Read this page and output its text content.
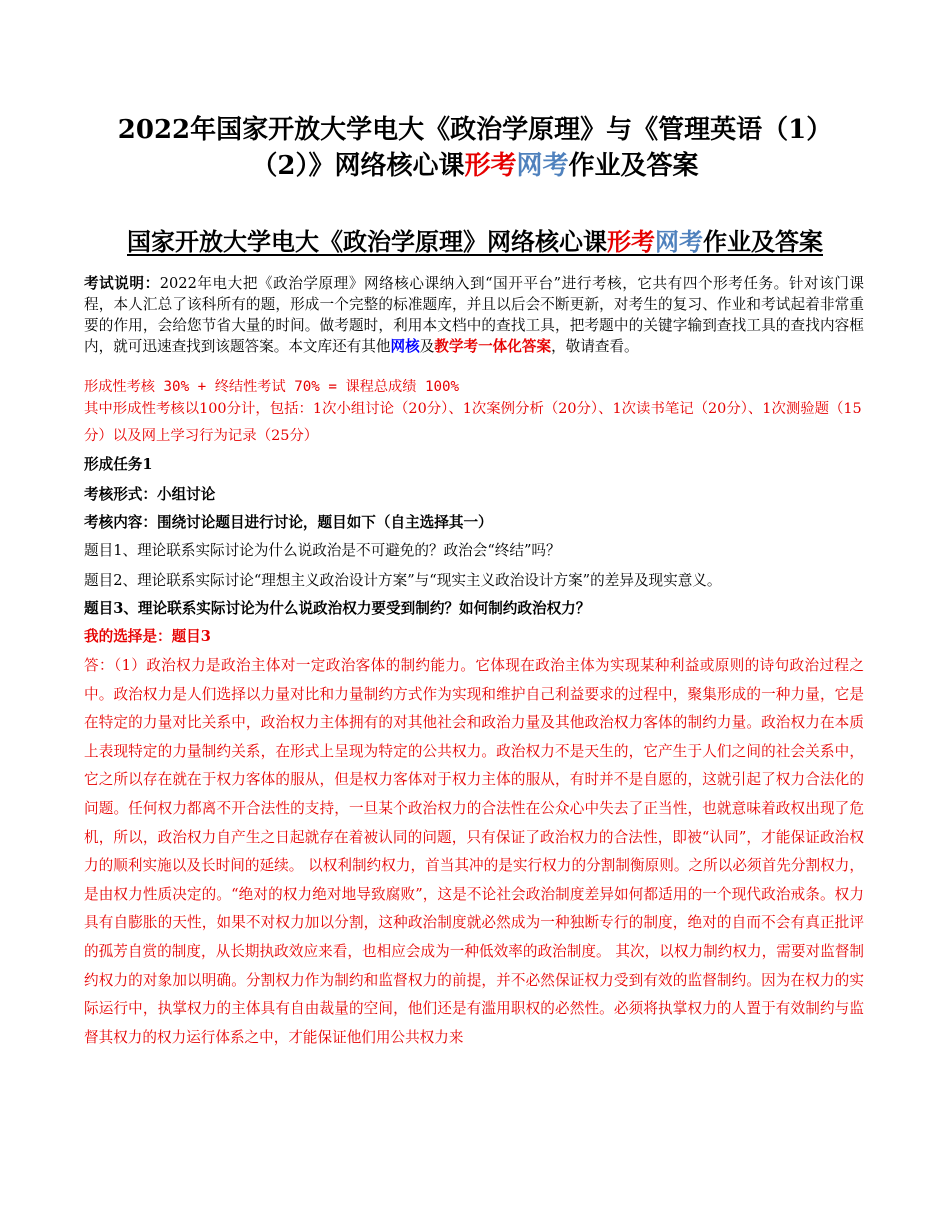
2022年国家开放大学电大《政治学原理》与《管理英语（1）
（2）》网络核心课形考网考作业及答案
国家开放大学电大《政治学原理》网络核心课形考网考作业及答案
考试说明：2022年电大把《政治学原理》网络核心课纳入到“国开平台”进行考核，它共有四个形考任务。针对该门课程，本人汇总了该科所有的题，形成一个完整的标准题库，并且以后会不断更新，对考生的复习、作业和考试起着非常重要的作用，会给您节省大量的时间。做考题时，利用本文档中的查找工具，把考题中的关键字输到查找工具的查找内容框内，就可迅速查找到该题答案。本文库还有其他网核及教学考一体化答案，敬请查看。
形成性考核 30% + 终结性考试 70% = 课程总成绩 100%
其中形成性考核以100分计，包括：1次小组讨论（20分）、1次案例分析（20分）、1次读书笔记（20分）、1次测验题（15分）以及网上学习行为记录（25分）
形成任务1
考核形式：小组讨论
考核内容：围绕讨论题目进行讨论，题目如下（自主选择其一）
题目1、理论联系实际讨论为什么说政治是不可避免的？政治会“终结”吗？
题目2、理论联系实际讨论“理想主义政治设计方案”与“现实主义政治设计方案”的差异及现实意义。
题目3、理论联系实际讨论为什么说政治权力要受到制约？如何制约政治权力？
我的选择是：题目3
答：（1）政治权力是政治主体对一定政治客体的制约能力。它体现在政治主体为实现某种利益或原则的诗句政治过程之中。政治权力是人们选择以力量对比和力量制约方式作为实现和维护自己利益要求的过程中，聚集形成的一种力量，它是在特定的力量对比关系中，政治权力主体拥有的对其他社会和政治力量及其他政治权力客体的制约力量。政治权力在本质上表现特定的力量制约关系，在形式上呈现为特定的公共权力。政治权力不是天生的，它产生于人们之间的社会关系中，它之所以存在就在于权力客体的服从，但是权力客体对于权力主体的服从，有时并不是自愿的，这就引起了权力合法化的问题。任何权力都离不开合法性的支持，一旦某个政治权力的合法性在公众心中失去了正当性，也就意味着政权出现了危机，所以，政治权力自产生之日起就存在着被认同的问题，只有保证了政治权力的合法性，即被“认同”，才能保证政治权力的顺利实施以及长时间的延续。 以权利制约权力，首当其冲的是实行权力的分割制衡原则。之所以必须首先分割权力，是由权力性质决定的。“绝对的权力绝对地导致腐败”，这是不论社会政治制度差异如何都适用的一个现代政治戒条。权力具有自膨胀的天性，如果不对权力加以分割，这种政治制度就必然成为一种独断专行的制度，绝对的自而不会有真正批评的孤芳自赏的制度，从长期执政效应来看，也相应会成为一种低效率的政治制度。 其次，以权力制约权力，需要对监督制约权力的对象加以明确。分割权力作为制约和监督权力的前提，并不必然保证权力受到有效的监督制约。因为在权力的实际运行中，执掌权力的主体具有自由裁量的空间，他们还是有滥用职权的必然性。必须将执掌权力的人置于有效制约与监督其权力的权力运行体系之中，才能保证他们用公共权力来
